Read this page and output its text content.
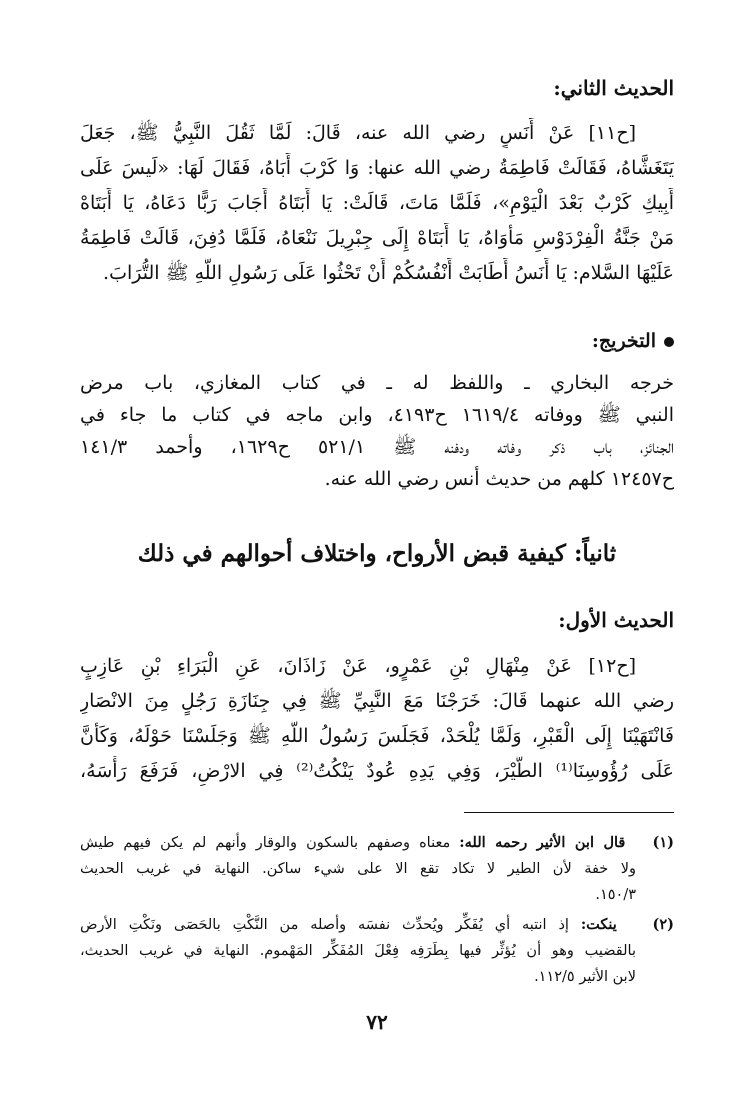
الحديث الثاني:
[ح١١] عَنْ أَنَسٍ رضي الله عنه، قَالَ: لَمَّا ثَقُلَ النَّبِيُّ ﷺ، جَعَلَ
يَتَغَشَّاهُ، فَقَالَتْ فَاطِمَةُ رضي الله عنها: وَا كَرْبَ أَبَاهُ، فَقَالَ لَهَا: «لَيسَ عَلَى
أَبِيكِ كَرْبٌ بَعْدَ الْيَوْمِ»، فَلَمَّا مَاتَ، قَالَتْ: يَا أَبَتَاهُ أَجَابَ رَبًّا دَعَاهُ، يَا أَبَتَاهْ
مَنْ جَنَّةُ الْفِرْدَوْسِ مَأْوَاهُ، يَا أَبَتَاهْ إِلَى جِبْرِيلَ نَنْعَاهُ، فَلَمَّا دُفِنَ، قَالَتْ فَاطِمَةُ
عَلَيْهَا السَّلام: يَا أَنَسُ أَطَابَتْ أَنْفُسُكُمْ أَنْ تَحْثُوا عَلَى رَسُولِ اللَّهِ ﷺ التُّرَابَ.
التخريج:
خرجه البخاري ـ واللفظ له ـ في كتاب المغازي، باب مرض
النبي ﷺ ووفاته ١٦١٩/٤ ح٤١٩٣، وابن ماجه في كتاب ما جاء في
الجنائز، باب ذكر وفاته ودفنه ﷺ ٥٢١/١ ح١٦٢٩، وأحمد ١٤١/٣
ح١٢٤٥٧ كلهم من حديث أنس رضي الله عنه.
ثانياً: كيفية قبض الأرواح، واختلاف أحوالهم في ذلك
الحديث الأول:
[ح١٢] عَنْ مِنْهَالِ بْنِ عَمْرٍو، عَنْ زَاذَانَ، عَنِ الْبَرَاءِ بْنِ عَازِبٍ
رضي الله عنهما قَالَ: خَرَجْنَا مَعَ النَّبِيِّ ﷺ فِي جِنَازَةِ رَجُلٍ مِنَ الانْصَارِ
فَانْتَهَيْنَا إِلَى الْقَبْرِ، وَلَمَّا يُلْحَدْ، فَجَلَسَ رَسُولُ اللَّهِ ﷺ وَجَلَسْنَا حَوْلَهُ، وَكَأَنَّ
عَلَى رُؤُوسِنَا⁽¹⁾ الطَّيْرَ، وَفِي يَدِهِ عُودٌ يَنْكُتُ⁽²⁾ فِي الارْضِ، فَرَفَعَ رَأْسَهُ،
(١)   قال ابن الأثير رحمه الله: معناه وصفهم بالسكون والوقار وأنهم لم يكن فيهم طيش
ولا خفة لأن الطير لا تكاد تقع الا على شيء ساكن. النهاية في غريب الحديث
١٥٠/٣.
(٢)   ينكت: إذ انتبه أي يُفَكِّر ويُحدِّث نفسَه وأصله من النَّكْتِ بالحَصَى ونَكْتِ الأرض
بالقضيب وهو أن يُؤثِّر فيها بِطَرَفِه فِعْلَ المُفَكِّر المَهْموم. النهاية في غريب الحديث،
لابن الأثير ١١٢/٥.
٧٢
